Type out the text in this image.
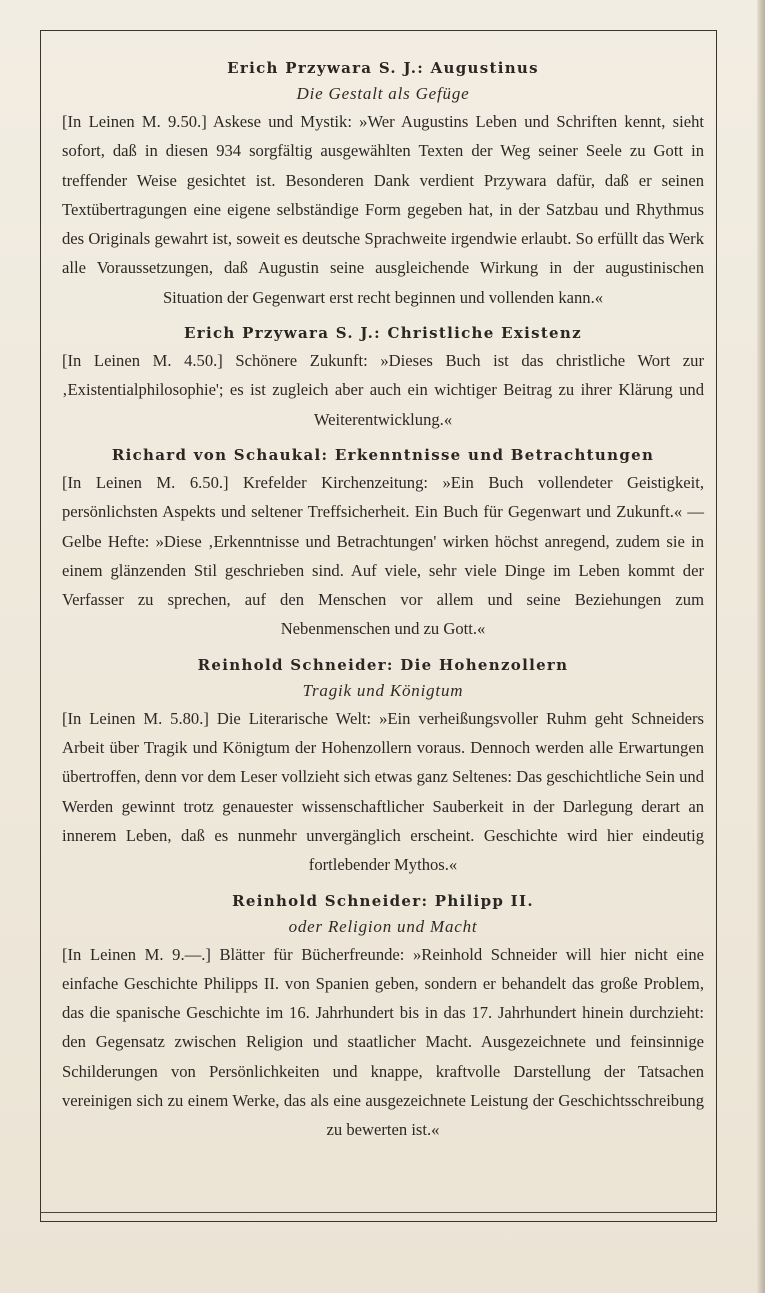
Erich Przywara S. J.: Augustinus
Die Gestalt als Gefüge
[In Leinen M. 9.50.] Askese und Mystik: »Wer Augustins Leben und Schriften kennt, sieht sofort, daß in diesen 934 sorgfältig ausgewählten Texten der Weg seiner Seele zu Gott in treffender Weise gesichtet ist. Besonderen Dank verdient Przywara dafür, daß er seinen Textübertragungen eine eigene selbständige Form gegeben hat, in der Satzbau und Rhythmus des Originals gewahrt ist, soweit es deutsche Sprachweite irgendwie erlaubt. So erfüllt das Werk alle Voraussetzungen, daß Augustin seine ausgleichende Wirkung in der augustinischen Situation der Gegenwart erst recht beginnen und vollenden kann.«
Erich Przywara S. J.: Christliche Existenz
[In Leinen M. 4.50.] Schönere Zukunft: »Dieses Buch ist das christliche Wort zur ‚Existentialphilosophie'; es ist zugleich aber auch ein wichtiger Beitrag zu ihrer Klärung und Weiterentwicklung.«
Richard von Schaukal: Erkenntnisse und Betrachtungen
[In Leinen M. 6.50.] Krefelder Kirchenzeitung: »Ein Buch vollendeter Geistigkeit, persönlichsten Aspekts und seltener Treffsicherheit. Ein Buch für Gegenwart und Zukunft.« — Gelbe Hefte: »Diese ‚Erkenntnisse und Betrachtungen' wirken höchst anregend, zudem sie in einem glänzenden Stil geschrieben sind. Auf viele, sehr viele Dinge im Leben kommt der Verfasser zu sprechen, auf den Menschen vor allem und seine Beziehungen zum Nebenmenschen und zu Gott.«
Reinhold Schneider: Die Hohenzollern
Tragik und Königtum
[In Leinen M. 5.80.] Die Literarische Welt: »Ein verheißungsvoller Ruhm geht Schneiders Arbeit über Tragik und Königtum der Hohenzollern voraus. Dennoch werden alle Erwartungen übertroffen, denn vor dem Leser vollzieht sich etwas ganz Seltenes: Das geschichtliche Sein und Werden gewinnt trotz genauester wissenschaftlicher Sauberkeit in der Darlegung derart an innerem Leben, daß es nunmehr unvergänglich erscheint. Geschichte wird hier eindeutig fortlebender Mythos.«
Reinhold Schneider: Philipp II.
oder Religion und Macht
[In Leinen M. 9.—.] Blätter für Bücherfreunde: »Reinhold Schneider will hier nicht eine einfache Geschichte Philipps II. von Spanien geben, sondern er behandelt das große Problem, das die spanische Geschichte im 16. Jahrhundert bis in das 17. Jahrhundert hinein durchzieht: den Gegensatz zwischen Religion und staatlicher Macht. Ausgezeichnete und feinsinnige Schilderungen von Persönlichkeiten und knappe, kraftvolle Darstellung der Tatsachen vereinigen sich zu einem Werke, das als eine ausgezeichnete Leistung der Geschichtsschreibung zu bewerten ist.«
